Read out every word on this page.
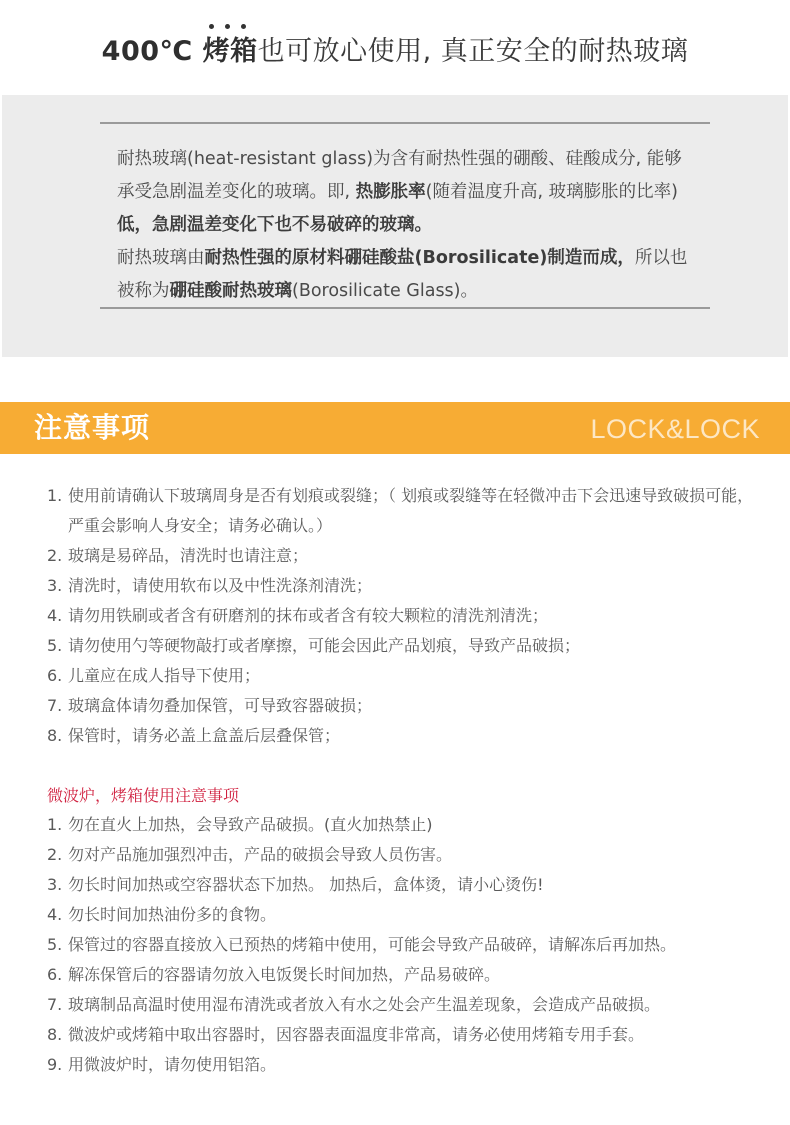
400℃ 烤箱也可放心使用, 真正安全的耐热玻璃
耐热玻璃(heat-resistant glass)为含有耐热性强的硼酸、硅酸成分, 能够承受急剧温差变化的玻璃。即, 热膨胀率(随着温度升高, 玻璃膨胀的比率)低，急剧温差变化下也不易破碎的玻璃。
耐热玻璃由耐热性强的原材料硼硅酸盐(Borosilicate)制造而成，所以也被称为硼硅酸耐热玻璃(Borosilicate Glass)。
注意事项	LOCK&LOCK
1. 使用前请确认下玻璃周身是否有划痕或裂缝；（ 划痕或裂缝等在轻微冲击下会迅速导致破损可能，严重会影响人身安全；请务必确认。）
2. 玻璃是易碎品，清洗时也请注意；
3. 清洗时，请使用软布以及中性洗涤剂清洗；
4. 请勿用铁刷或者含有研磨剂的抹布或者含有较大颗粒的清洗剂清洗；
5. 请勿使用勺等硬物敲打或者摩擦，可能会因此产品划痕，导致产品破损；
6. 儿童应在成人指导下使用；
7. 玻璃盒体请勿叠加保管，可导致容器破损；
8. 保管时，请务必盖上盒盖后层叠保管；
微波炉，烤箱使用注意事项
1. 勿在直火上加热，会导致产品破损。(直火加热禁止)
2. 勿对产品施加强烈冲击，产品的破损会导致人员伤害。
3. 勿长时间加热或空容器状态下加热。 加热后，盒体烫，请小心烫伤!
4. 勿长时间加热油份多的食物。
5. 保管过的容器直接放入已预热的烤箱中使用，可能会导致产品破碎，请解冻后再加热。
6. 解冻保管后的容器请勿放入电饭煲长时间加热，产品易破碎。
7. 玻璃制品高温时使用湿布清洗或者放入有水之处会产生温差现象，会造成产品破损。
8. 微波炉或烤箱中取出容器时，因容器表面温度非常高，请务必使用烤箱专用手套。
9. 用微波炉时，请勿使用铝箔。
